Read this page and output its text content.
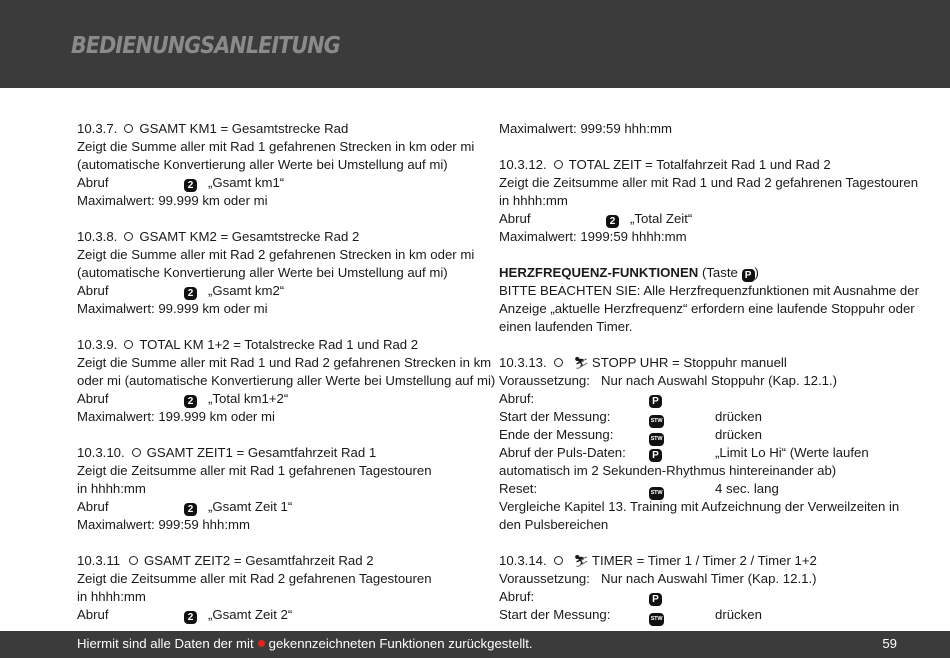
BEDIENUNGSANLEITUNG
10.3.7. GSAMT KM1 = Gesamtstrecke Rad
Zeigt die Summe aller mit Rad 1 gefahrenen Strecken in km oder mi
(automatische Konvertierung aller Werte bei Umstellung auf mi)
Abruf	2 „Gsamt km1“
Maximalwert: 99.999 km oder mi
10.3.8. GSAMT KM2 = Gesamtstrecke Rad 2
Zeigt die Summe aller mit Rad 2 gefahrenen Strecken in km oder mi
(automatische Konvertierung aller Werte bei Umstellung auf mi)
Abruf	2 „Gsamt km2“
Maximalwert: 99.999 km oder mi
10.3.9. TOTAL KM 1+2 = Totalstrecke Rad 1 und Rad 2
Zeigt die Summe aller mit Rad 1 und Rad 2 gefahrenen Strecken in km
oder mi (automatische Konvertierung aller Werte bei Umstellung auf mi)
Abruf	2 „Total km1+2“
Maximalwert: 199.999 km oder mi
10.3.10. GSAMT ZEIT1 = Gesamtfahrzeit Rad 1
Zeigt die Zeitsumme aller mit Rad 1 gefahrenen Tagestouren
in hhhh:mm
Abruf	2 „Gsamt Zeit 1“
Maximalwert: 999:59 hhh:mm
10.3.11 GSAMT ZEIT2 = Gesamtfahrzeit Rad 2
Zeigt die Zeitsumme aller mit Rad 2 gefahrenen Tagestouren
in hhhh:mm
Abruf	2 „Gsamt Zeit 2“
Maximalwert: 999:59 hhh:mm
10.3.12. TOTAL ZEIT = Totalfahrzeit Rad 1 und Rad 2
Zeigt die Zeitsumme aller mit Rad 1 und Rad 2 gefahrenen Tagestouren
in hhhh:mm
Abruf	2 „Total Zeit“
Maximalwert: 1999:59 hhhh:mm
HERZFREQUENZ-FUNKTIONEN (Taste P )
BITTE BEACHTEN SIE: Alle Herzfrequenzfunktionen mit Ausnahme der
Anzeige „aktuelle Herzfrequenz“ erfordern eine laufende Stoppuhr oder
einen laufenden Timer.
10.3.13. ⛷ STOPP UHR = Stoppuhr manuell
Voraussetzung: Nur nach Auswahl Stoppuhr (Kap. 12.1.)
Abruf:	P
Start der Messung:	STW	drücken
Ende der Messung:	STW	drücken
Abruf der Puls-Daten:	P	„Limit Lo Hi“ (Werte laufen
automatisch im 2 Sekunden-Rhythmus hintereinander ab)
Reset:	STW	4 sec. lang
Vergleiche Kapitel 13. Training mit Aufzeichnung der Verweilzeiten in
den Pulsbereichen
10.3.14. ⛷ TIMER = Timer 1 / Timer 2 / Timer 1+2
Voraussetzung: Nur nach Auswahl Timer (Kap. 12.1.)
Abruf:	P
Start der Messung:	STW	drücken
Hiermit sind alle Daten der mit gekennzeichneten Funktionen zurückgestellt.	59
